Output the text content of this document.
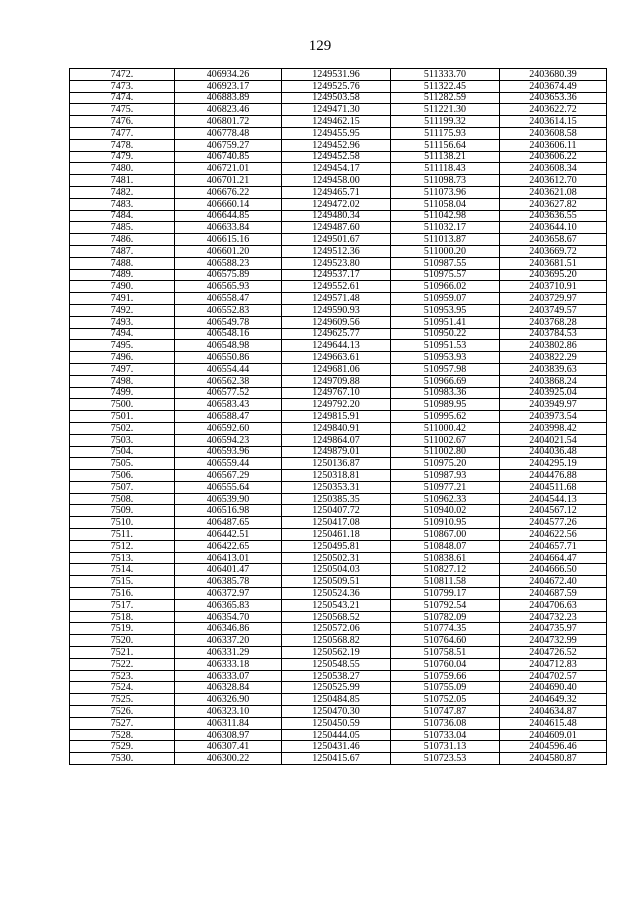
129
7472.	406934.26	1249531.96	511333.70	2403680.39
7473.	406923.17	1249525.76	511322.45	2403674.49
7474.	406883.89	1249503.58	511282.59	2403653.36
7475.	406823.46	1249471.30	511221.30	2403622.72
7476.	406801.72	1249462.15	511199.32	2403614.15
7477.	406778.48	1249455.95	511175.93	2403608.58
7478.	406759.27	1249452.96	511156.64	2403606.11
7479.	406740.85	1249452.58	511138.21	2403606.22
7480.	406721.01	1249454.17	511118.43	2403608.34
7481.	406701.21	1249458.00	511098.73	2403612.70
7482.	406676.22	1249465.71	511073.96	2403621.08
7483.	406660.14	1249472.02	511058.04	2403627.82
7484.	406644.85	1249480.34	511042.98	2403636.55
7485.	406633.84	1249487.60	511032.17	2403644.10
7486.	406615.16	1249501.67	511013.87	2403658.67
7487.	406601.20	1249512.36	511000.20	2403669.72
7488.	406588.23	1249523.80	510987.55	2403681.51
7489.	406575.89	1249537.17	510975.57	2403695.20
7490.	406565.93	1249552.61	510966.02	2403710.91
7491.	406558.47	1249571.48	510959.07	2403729.97
7492.	406552.83	1249590.93	510953.95	2403749.57
7493.	406549.78	1249609.56	510951.41	2403768.28
7494.	406548.16	1249625.77	510950.22	2403784.53
7495.	406548.98	1249644.13	510951.53	2403802.86
7496.	406550.86	1249663.61	510953.93	2403822.29
7497.	406554.44	1249681.06	510957.98	2403839.63
7498.	406562.38	1249709.88	510966.69	2403868.24
7499.	406577.52	1249767.10	510983.36	2403925.04
7500.	406583.43	1249792.20	510989.95	2403949.97
7501.	406588.47	1249815.91	510995.62	2403973.54
7502.	406592.60	1249840.91	511000.42	2403998.42
7503.	406594.23	1249864.07	511002.67	2404021.54
7504.	406593.96	1249879.01	511002.80	2404036.48
7505.	406559.44	1250136.87	510975.20	2404295.19
7506.	406567.29	1250318.81	510987.93	2404476.88
7507.	406555.64	1250353.31	510977.21	2404511.68
7508.	406539.90	1250385.35	510962.33	2404544.13
7509.	406516.98	1250407.72	510940.02	2404567.12
7510.	406487.65	1250417.08	510910.95	2404577.26
7511.	406442.51	1250461.18	510867.00	2404622.56
7512.	406422.65	1250495.81	510848.07	2404657.71
7513.	406413.01	1250502.31	510838.61	2404664.47
7514.	406401.47	1250504.03	510827.12	2404666.50
7515.	406385.78	1250509.51	510811.58	2404672.40
7516.	406372.97	1250524.36	510799.17	2404687.59
7517.	406365.83	1250543.21	510792.54	2404706.63
7518.	406354.70	1250568.52	510782.09	2404732.23
7519.	406346.86	1250572.06	510774.35	2404735.97
7520.	406337.20	1250568.82	510764.60	2404732.99
7521.	406331.29	1250562.19	510758.51	2404726.52
7522.	406333.18	1250548.55	510760.04	2404712.83
7523.	406333.07	1250538.27	510759.66	2404702.57
7524.	406328.84	1250525.99	510755.09	2404690.40
7525.	406326.90	1250484.85	510752.05	2404649.32
7526.	406323.10	1250470.30	510747.87	2404634.87
7527.	406311.84	1250450.59	510736.08	2404615.48
7528.	406308.97	1250444.05	510733.04	2404609.01
7529.	406307.41	1250431.46	510731.13	2404596.46
7530.	406300.22	1250415.67	510723.53	2404580.87
